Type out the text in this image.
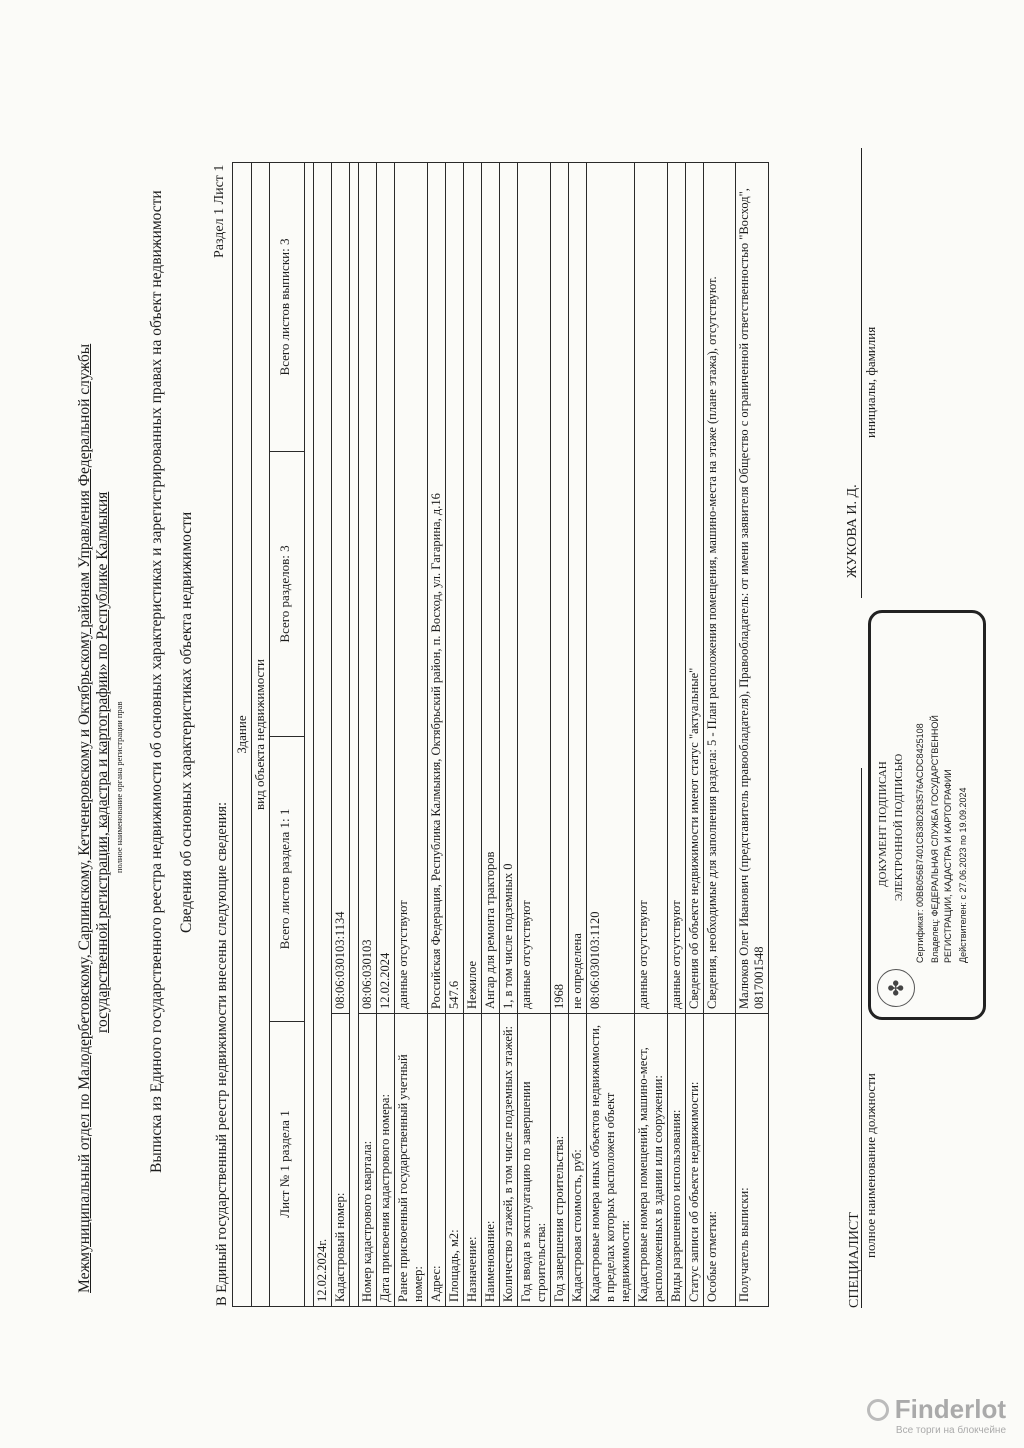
Межмуниципальный отдел по Малодербетовскому, Сарпинскому, Кетченеровскому и Октябрьскому районам Управления Федеральной службы государственной регистрации, кадастра и картографии» по Республике Калмыкия полное наименование органа регистрации прав Выписка из Единого государственного реестра недвижимости об основных характеристиках и зарегистрированных правах на объект недвижимости Сведения об основных характеристиках объекта недвижимости
Раздел 1 Лист 1
В Единый государственный реестр недвижимости внесены следующие сведения:
Здание вид объекта недвижимости
Лист № 1 раздела 1
Всего листов раздела 1: 1
Всего разделов: 3
Всего листов выписки: 3
12.02.2024г. Кадастровый номер:
08:06:030103:1134
Номер кадастрового квартала:
08:06:030103
Дата присвоения кадастрового номера:
12.02.2024
Ранее присвоенный государственный учетный номер:
данные отсутствуют
Адрес:
Российская Федерация, Республика Калмыкия, Октябрьский район, п. Восход, ул. Гагарина, д.16
Площадь, м2:
547.6
Назначение:
Нежилое
Наименование:
Ангар для ремонта тракторов
Количество этажей, в том числе подземных этажей:
1, в том числе подземных 0
Год ввода в эксплуатацию по завершении строительства:
данные отсутствуют
Год завершения строительства:
1968
Кадастровая стоимость, руб:
не определена
Кадастровые номера иных объектов недвижимости, в пределах которых расположен объект недвижимости:
08:06:030103:1120
Кадастровые номера помещений, машино-мест, расположенных в здании или сооружении:
данные отсутствуют
Виды разрешенного использования:
данные отсутствуют
Статус записи об объекте недвижимости:
Сведения об объекте недвижимости имеют статус "актуальные"
Особые отметки:
Сведения, необходимые для заполнения раздела: 5 - План расположения помещения, машино-места на этаже (плане этажа), отсутствуют.
Получатель выписки:
Малюков Олег Иванович (представитель правообладателя), Правообладатель: от имени заявителя Общество с ограниченной ответственностью "Восход", 0817001548
СПЕЦИАЛИСТ
полное наименование должности
ЖУКОВА И. Д.
инициалы, фамилия
✤
ДОКУМЕНТ ПОДПИСАН ЭЛЕКТРОННОЙ ПОДПИСЬЮ Сертификат: 00BB056B7401CB38D2B3576ACDC8425108 Владелец: ФЕДЕРАЛЬНАЯ СЛУЖБА ГОСУДАРСТВЕННОЙ РЕГИСТРАЦИИ, КАДАСТРА И КАРТОГРАФИИ Действителен: с 27.06.2023 по 19.09.2024
Finderlot
Все торги на блокчейне
